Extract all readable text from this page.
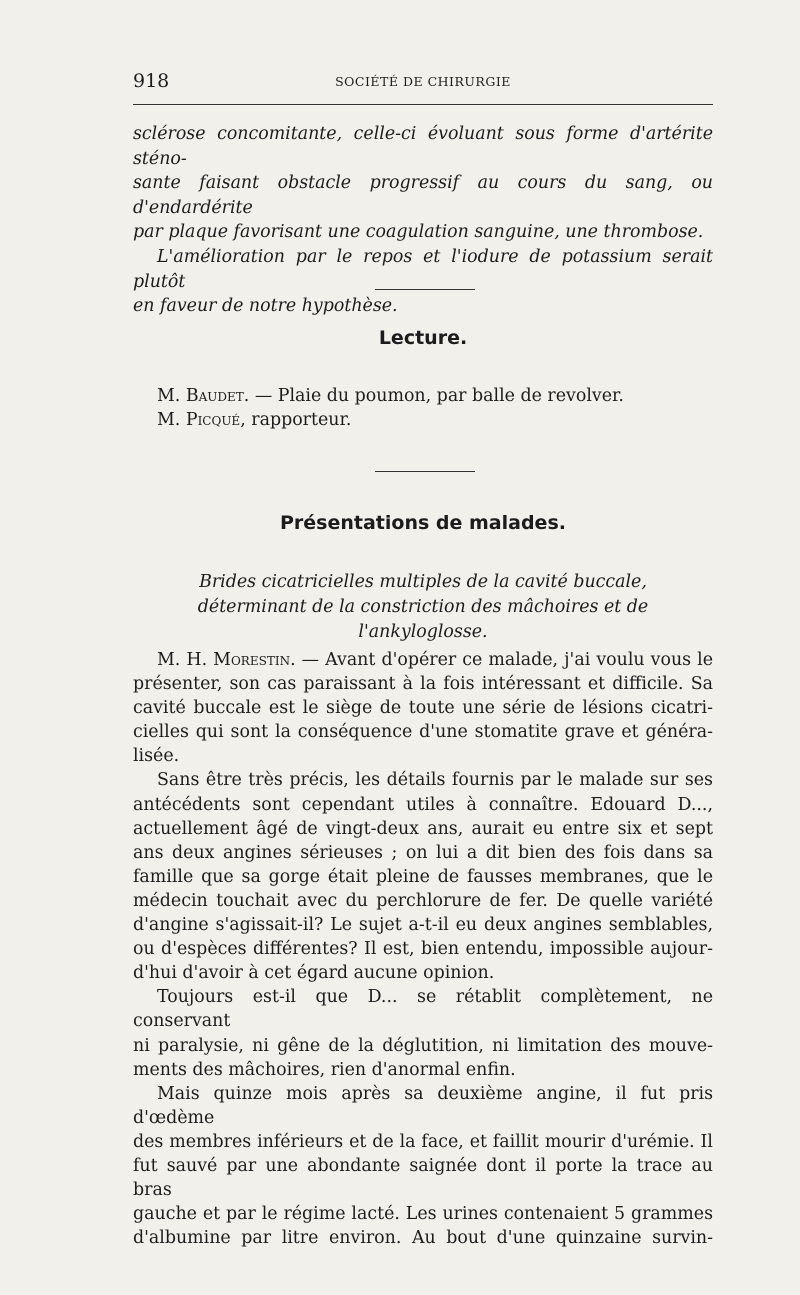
918	SOCIÉTÉ DE CHIRURGIE
sclérose concomitante, celle-ci évoluant sous forme d'artérite sténo-
sante faisant obstacle progressif au cours du sang, ou d'endardérite
par plaque favorisant une coagulation sanguine, une thrombose.
L'amélioration par le repos et l'iodure de potassium serait plutôt
en faveur de notre hypothèse.
Lecture.
M. Baudet. — Plaie du poumon, par balle de revolver.
M. Picqué, rapporteur.
Présentations de malades.
Brides cicatricielles multiples de la cavité buccale,
déterminant de la constriction des mâchoires et de l'ankyloglosse.
M. H. Morestin. — Avant d'opérer ce malade, j'ai voulu vous le
présenter, son cas paraissant à la fois intéressant et difficile. Sa
cavité buccale est le siège de toute une série de lésions cicatri-
cielles qui sont la conséquence d'une stomatite grave et généra-
lisée.
Sans être très précis, les détails fournis par le malade sur ses
antécédents sont cependant utiles à connaître. Edouard D...,
actuellement âgé de vingt-deux ans, aurait eu entre six et sept
ans deux angines sérieuses ; on lui a dit bien des fois dans sa
famille que sa gorge était pleine de fausses membranes, que le
médecin touchait avec du perchlorure de fer. De quelle variété
d'angine s'agissait-il? Le sujet a-t-il eu deux angines semblables,
ou d'espèces différentes? Il est, bien entendu, impossible aujour-
d'hui d'avoir à cet égard aucune opinion.
Toujours est-il que D... se rétablit complètement, ne conservant
ni paralysie, ni gêne de la déglutition, ni limitation des mouve-
ments des mâchoires, rien d'anormal enfin.
Mais quinze mois après sa deuxième angine, il fut pris d'œdème
des membres inférieurs et de la face, et faillit mourir d'urémie. Il
fut sauvé par une abondante saignée dont il porte la trace au bras
gauche et par le régime lacté. Les urines contenaient 5 grammes
d'albumine par litre environ. Au bout d'une quinzaine survin-
